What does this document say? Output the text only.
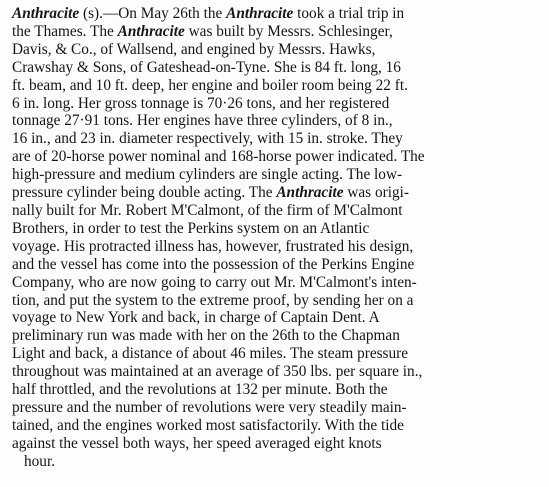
Anthracite (s).—On May 26th the Anthracite took a trial trip in
the Thames. The Anthracite was built by Messrs. Schlesinger,
Davis, & Co., of Wallsend, and engined by Messrs. Hawks,
Crawshay & Sons, of Gateshead-on-Tyne. She is 84 ft. long, 16
ft. beam, and 10 ft. deep, her engine and boiler room being 22 ft.
6 in. long. Her gross tonnage is 70·26 tons, and her registered
tonnage 27·91 tons. Her engines have three cylinders, of 8 in.,
16 in., and 23 in. diameter respectively, with 15 in. stroke. They
are of 20-horse power nominal and 168-horse power indicated. The
high-pressure and medium cylinders are single acting. The low-
pressure cylinder being double acting. The Anthracite was origi-
nally built for Mr. Robert M'Calmont, of the firm of M'Calmont
Brothers, in order to test the Perkins system on an Atlantic
voyage. His protracted illness has, however, frustrated his design,
and the vessel has come into the possession of the Perkins Engine
Company, who are now going to carry out Mr. M'Calmont's inten-
tion, and put the system to the extreme proof, by sending her on a
voyage to New York and back, in charge of Captain Dent. A
preliminary run was made with her on the 26th to the Chapman
Light and back, a distance of about 46 miles. The steam pressure
throughout was maintained at an average of 350 lbs. per square in.,
half throttled, and the revolutions at 132 per minute. Both the
pressure and the number of revolutions were very steadily main-
tained, and the engines worked most satisfactorily. With the tide
against the vessel both ways, her speed averaged eight knots
hour.
